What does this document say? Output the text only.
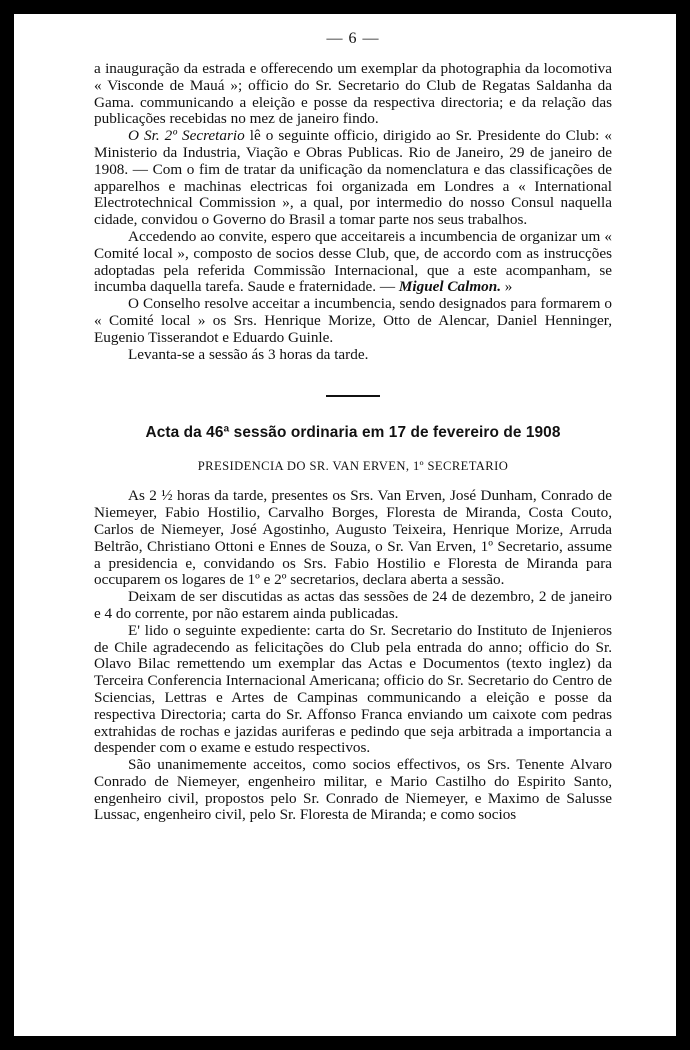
— 6 —

a inauguração da estrada e offerecendo um exemplar da photographia da locomotiva « Visconde de Mauá »; officio do Sr. Secretario do Club de Regatas Saldanha da Gama. communicando a eleição e posse da respectiva directoria; e da relação das publicações recebidas no mez de janeiro findo.

O Sr. 2º Secretario lê o seguinte officio, dirigido ao Sr. Presidente do Club: « Ministerio da Industria, Viação e Obras Publicas. Rio de Janeiro, 29 de janeiro de 1908. — Com o fim de tratar da unificação da nomenclatura e das classificações de apparelhos e machinas electricas foi organizada em Londres a « International Electrotechnical Commission », a qual, por intermedio do nosso Consul naquella cidade, convidou o Governo do Brasil a tomar parte nos seus trabalhos.

Accedendo ao convite, espero que acceitareis a incumbencia de organizar um « Comité local », composto de socios desse Club, que, de accordo com as instrucções adoptadas pela referida Commissão Internacional, que a este acompanham, se incumba daquella tarefa. Saude e fraternidade. — Miguel Calmon. »

O Conselho resolve acceitar a incumbencia, sendo designados para formarem o « Comité local » os Srs. Henrique Morize, Otto de Alencar, Daniel Henninger, Eugenio Tisserandot e Eduardo Guinle.

Levanta-se a sessão ás 3 horas da tarde.

Acta da 46ª sessão ordinaria em 17 de fevereiro de 1908
PRESIDENCIA DO SR. VAN ERVEN, 1º SECRETARIO

As 2 ½ horas da tarde, presentes os Srs. Van Erven, José Dunham, Conrado de Niemeyer, Fabio Hostilio, Carvalho Borges, Floresta de Miranda, Costa Couto, Carlos de Niemeyer, José Agostinho, Augusto Teixeira, Henrique Morize, Arruda Beltrão, Christiano Ottoni e Ennes de Souza, o Sr. Van Erven, 1º Secretario, assume a presidencia e, convidando os Srs. Fabio Hostilio e Floresta de Miranda para occuparem os logares de 1º e 2º secretarios, declara aberta a sessão.

Deixam de ser discutidas as actas das sessões de 24 de dezembro, 2 de janeiro e 4 do corrente, por não estarem ainda publicadas.

E' lido o seguinte expediente: carta do Sr. Secretario do Instituto de Injenieros de Chile agradecendo as felicitações do Club pela entrada do anno; officio do Sr. Olavo Bilac remettendo um exemplar das Actas e Documentos (texto inglez) da Terceira Conferencia Internacional Americana; officio do Sr. Secretario do Centro de Sciencias, Lettras e Artes de Campinas communicando a eleição e posse da respectiva Directoria; carta do Sr. Affonso Franca enviando um caixote com pedras extrahidas de rochas e jazidas auriferas e pedindo que seja arbitrada a importancia a despender com o exame e estudo respectivos.

São unanimemente acceitos, como socios effectivos, os Srs. Tenente Alvaro Conrado de Niemeyer, engenheiro militar, e Mario Castilho do Espirito Santo, engenheiro civil, propostos pelo Sr. Conrado de Niemeyer, e Maximo de Salusse Lussac, engenheiro civil, pelo Sr. Floresta de Miranda; e como socios
